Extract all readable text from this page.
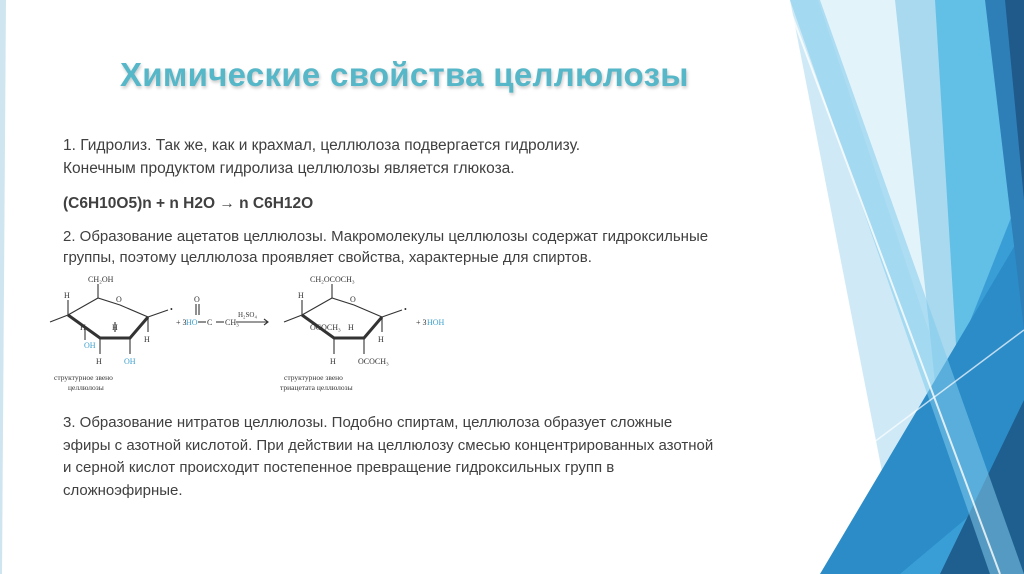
Химические свойства целлюлозы
1. Гидролиз. Так же, как и крахмал, целлюлоза подвергается гидролизу.
Конечным продуктом гидролиза целлюлозы является глюкоза.
(C6H10O5)n + n H2O → n C6H12O
2. Образование ацетатов целлюлозы. Макромолекулы целлюлозы содержат гидроксильные
группы, поэтому целлюлоза проявляет свойства, характерные для спиртов.
CH₂OH
H	O
•
H
OH
H
H
H	OH
структурное звено
целлюлозы
+ 3 HO C CH₃
O
H₂SO₄
CH₂OCOCH₃
H	O
•
OCOCH₃ H
H
H	OCOCH₃
+ 3 HOH
структурное звено
триацетата целлюлозы
3. Образование нитратов целлюлозы. Подобно спиртам, целлюлоза образует сложные
эфиры с азотной кислотой. При действии на целлюлозу смесью концентрированных азотной
и серной кислот происходит постепенное превращение гидроксильных групп в
сложноэфирные.
